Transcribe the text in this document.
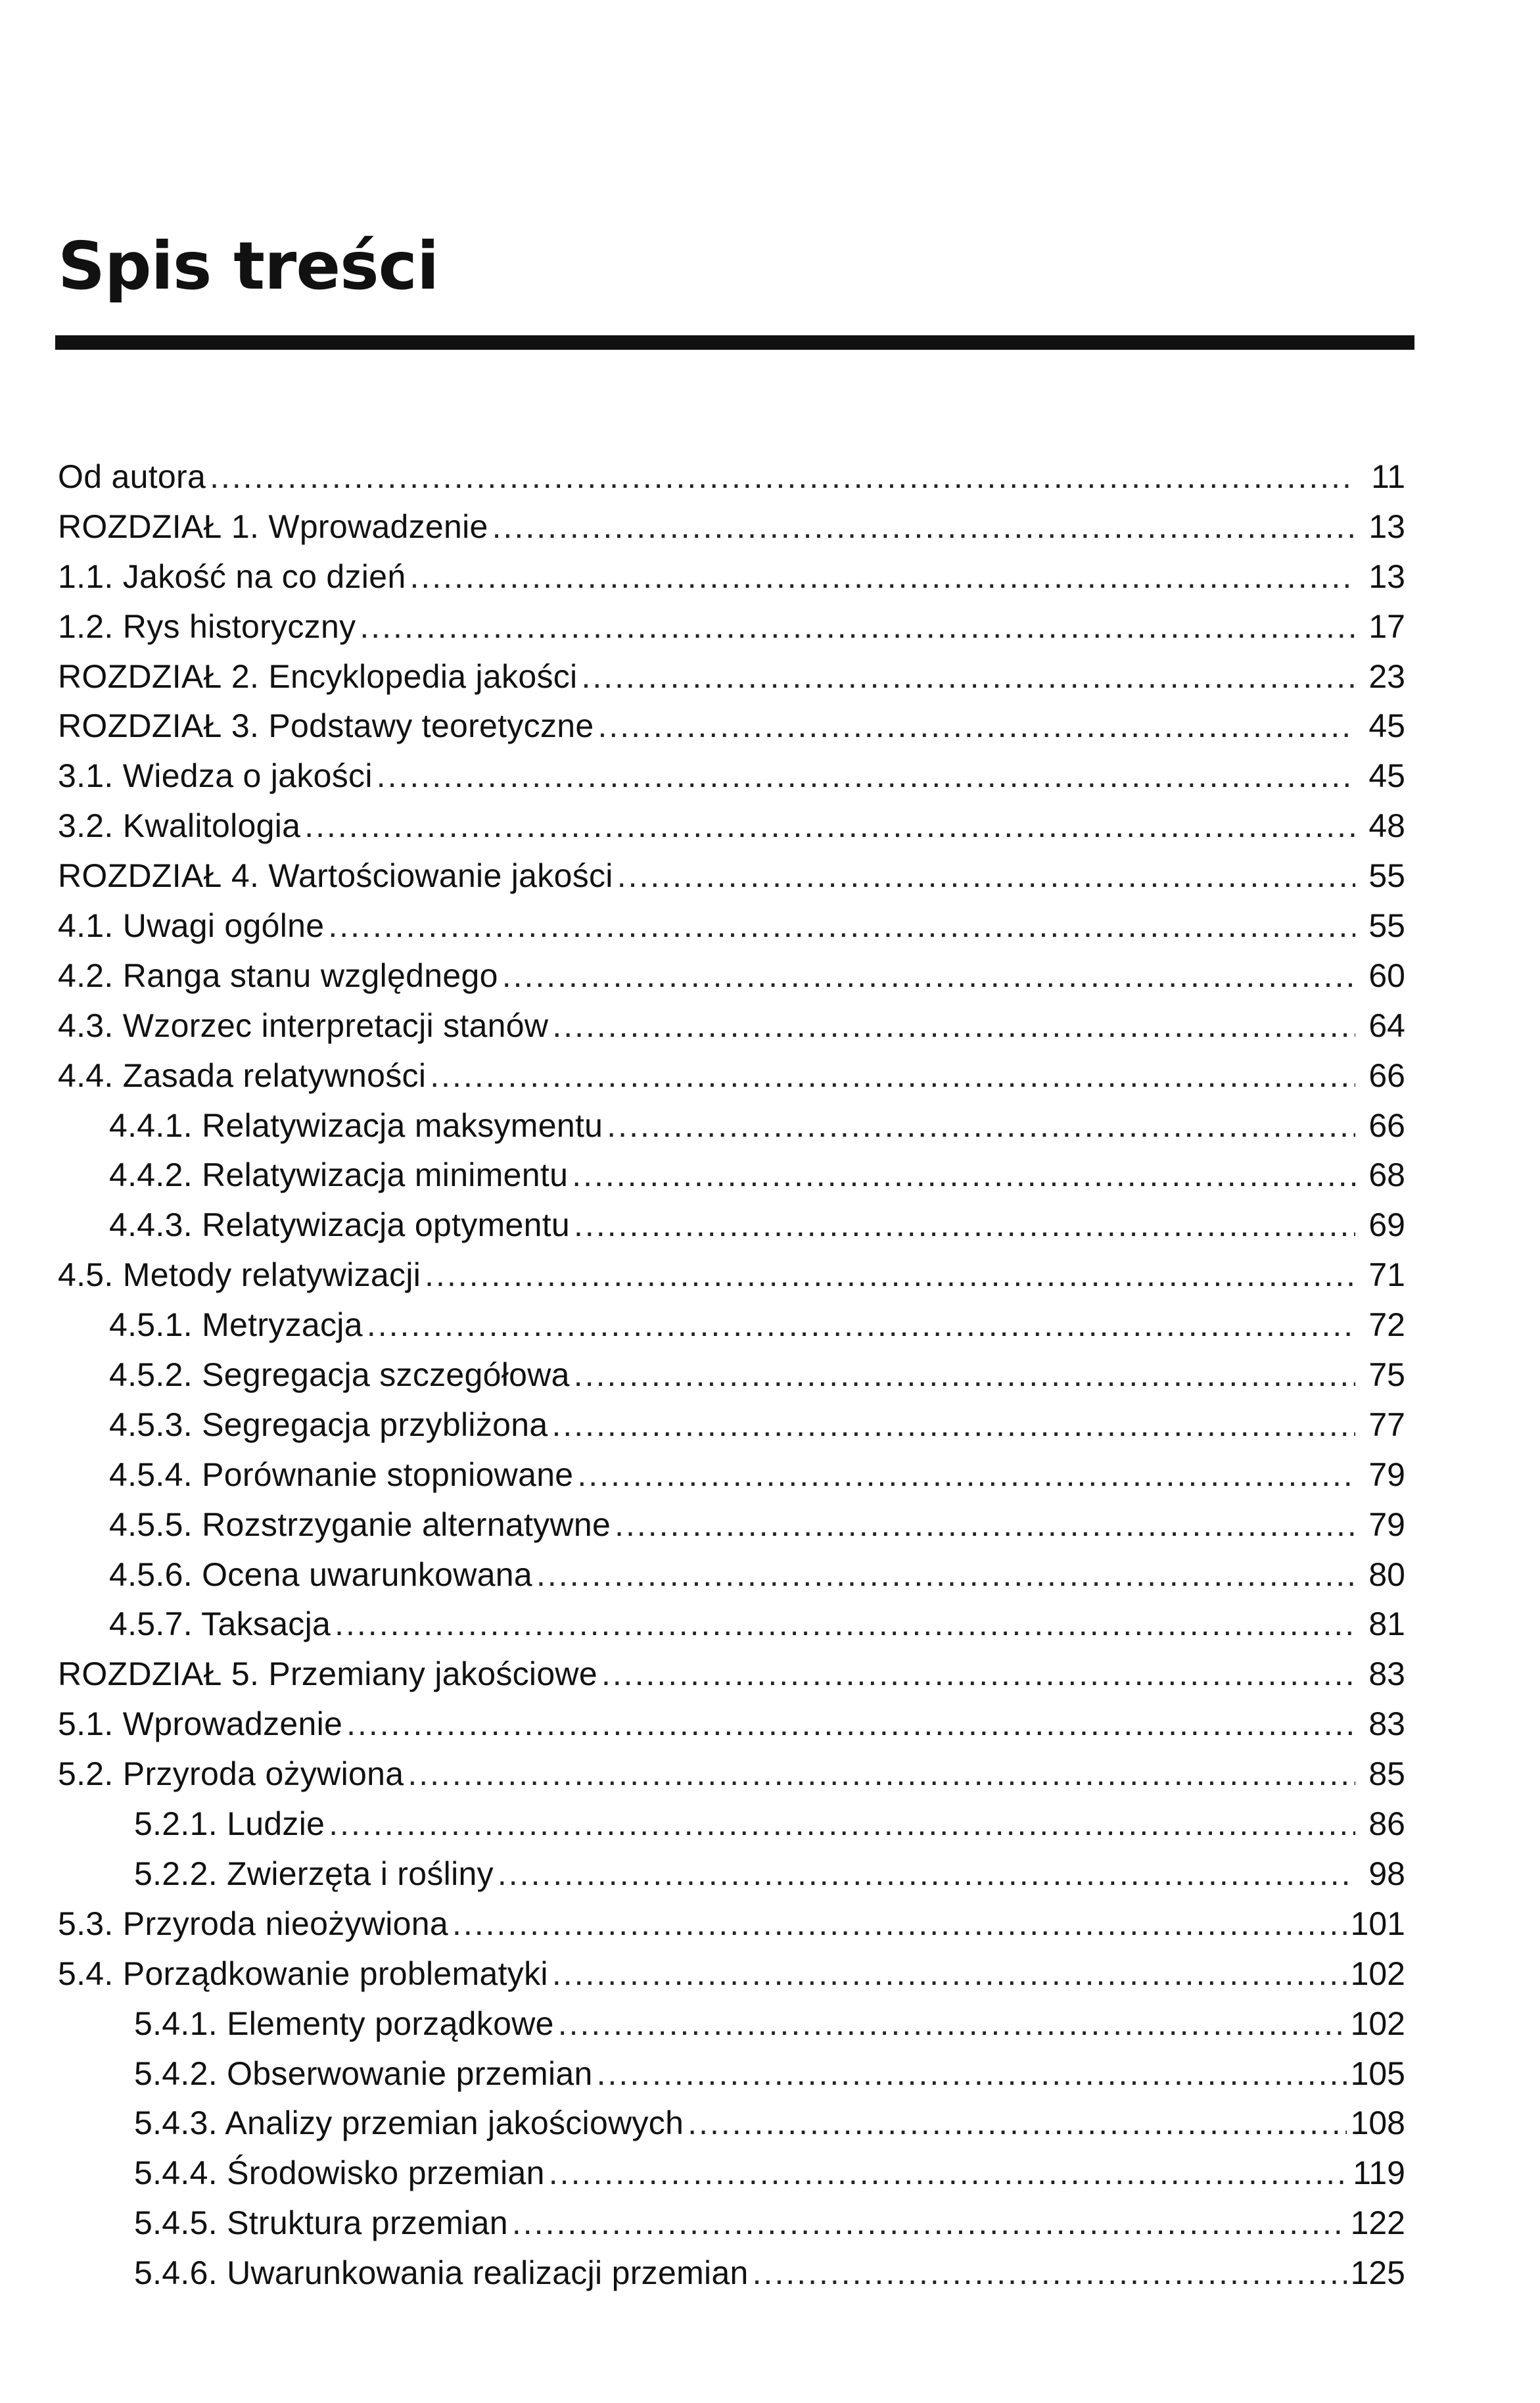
Spis treści
Od autora .....	11
ROZDZIAŁ 1. Wprowadzenie .....	13
1.1. Jakość na co dzień .....	13
1.2. Rys historyczny .....	17
ROZDZIAŁ 2. Encyklopedia jakości .....	23
ROZDZIAŁ 3. Podstawy teoretyczne .....	45
3.1. Wiedza o jakości .....	45
3.2. Kwalitologia .....	48
ROZDZIAŁ 4. Wartościowanie jakości .....	55
4.1. Uwagi ogólne .....	55
4.2. Ranga stanu względnego .....	60
4.3. Wzorzec interpretacji stanów .....	64
4.4. Zasada relatywności .....	66
4.4.1. Relatywizacja maksymentu .....	66
4.4.2. Relatywizacja minimentu .....	68
4.4.3. Relatywizacja optymentu .....	69
4.5. Metody relatywizacji .....	71
4.5.1. Metryzacja .....	72
4.5.2. Segregacja szczegółowa .....	75
4.5.3. Segregacja przybliżona .....	77
4.5.4. Porównanie stopniowane .....	79
4.5.5. Rozstrzyganie alternatywne .....	79
4.5.6. Ocena uwarunkowana .....	80
4.5.7. Taksacja .....	81
ROZDZIAŁ 5. Przemiany jakościowe .....	83
5.1. Wprowadzenie .....	83
5.2. Przyroda ożywiona .....	85
5.2.1. Ludzie .....	86
5.2.2. Zwierzęta i rośliny .....	98
5.3. Przyroda nieożywiona .....	101
5.4. Porządkowanie problematyki .....	102
5.4.1. Elementy porządkowe .....	102
5.4.2. Obserwowanie przemian .....	105
5.4.3. Analizy przemian jakościowych .....	108
5.4.4. Środowisko przemian .....	119
5.4.5. Struktura przemian .....	122
5.4.6. Uwarunkowania realizacji przemian .....	125
